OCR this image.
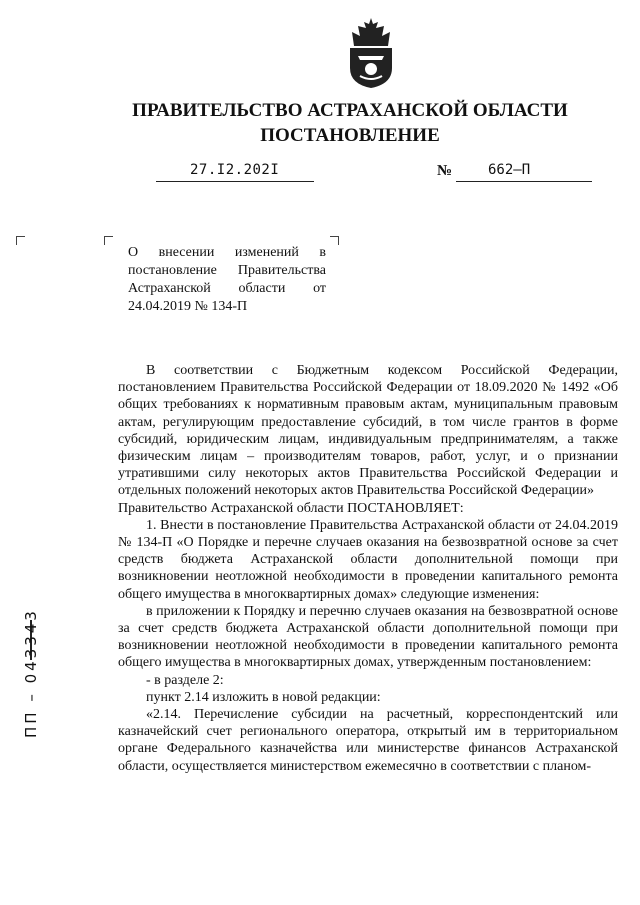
ПРАВИТЕЛЬСТВО АСТРАХАНСКОЙ ОБЛАСТИ
ПОСТАНОВЛЕНИЕ
27.I2.202I	№	662–П
О внесении изменений в постановление Правительства Астраханской области от 24.04.2019 № 134-П

В соответствии с Бюджетным кодексом Российской Федерации, постановлением Правительства Российской Федерации от 18.09.2020 № 1492 «Об общих требованиях к нормативным правовым актам, муниципальным правовым актам, регулирующим предоставление субсидий, в том числе грантов в форме субсидий, юридическим лицам, индивидуальным предпринимателям, а также физическим лицам – производителям товаров, работ, услуг, и о признании утратившими силу некоторых актов Правительства Российской Федерации и отдельных положений некоторых актов Правительства Российской Федерации»

Правительство Астраханской области ПОСТАНОВЛЯЕТ:

1. Внести в постановление Правительства Астраханской области от 24.04.2019 № 134-П «О Порядке и перечне случаев оказания на безвозвратной основе за счет средств бюджета Астраханской области дополнительной помощи при возникновении неотложной необходимости в проведении капитального ремонта общего имущества в многоквартирных домах» следующие изменения:

в приложении к Порядку и перечню случаев оказания на безвозвратной основе за счет средств бюджета Астраханской области дополнительной помощи при возникновении неотложной необходимости в проведении капитального ремонта общего имущества в многоквартирных домах, утвержденным постановлением:

- в разделе 2:

пункт 2.14 изложить в новой редакции:

«2.14. Перечисление субсидии на расчетный, корреспондентский или казначейский счет регионального оператора, открытый им в территориальном органе Федерального казначейства или министерстве финансов Астраханской области, осуществляется министерством ежемесячно в соответствии с планом-

ПП – 043343
